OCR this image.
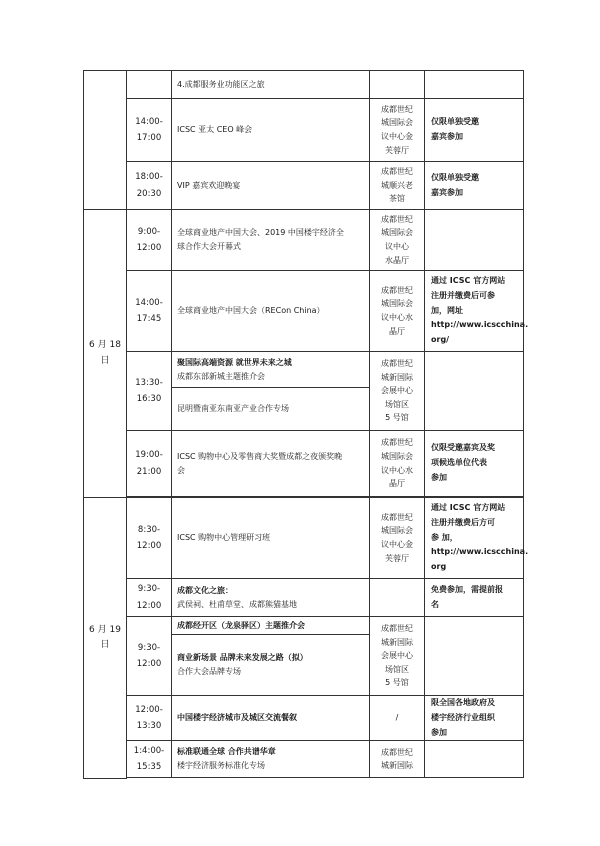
		4.成都服务业功能区之旅		
	14:00-
17:00	ICSC 亚太 CEO 峰会	成都世纪
城国际会
议中心金
芙蓉厅	仅限单独受邀
嘉宾参加
	18:00-
20:30	VIP 嘉宾欢迎晚宴	成都世纪
城顺兴老
茶馆	仅限单独受邀
嘉宾参加
6 月 18
日	9:00-
12:00	全球商业地产中国大会、2019 中国楼宇经济全
球合作大会开幕式	成都世纪
城国际会
议中心
水晶厅	
	14:00-
17:45	全球商业地产中国大会（RECon China）	成都世纪
城国际会
议中心水
晶厅	通过 ICSC 官方网站
注册并缴费后可参
加，网址
http://www.icscchina.
org/
	13:30-
16:30	聚国际高端资源 就世界未来之城
成都东部新城主题推介会	成都世纪
城新国际
会展中心
场馆区
5 号馆	
		昆明暨南亚东南亚产业合作专场		
	19:00-
21:00	ICSC 购物中心及零售商大奖暨成都之夜颁奖晚
会	成都世纪
城国际会
议中心水
晶厅	仅限受邀嘉宾及奖
项候选单位代表
参加

6 月 19
日	8:30-
12:00	ICSC 购物中心管理研习班	成都世纪
城国际会
议中心金
芙蓉厅	通过 ICSC 官方网站
注册并缴费后方可
参 加，
http://www.icscchina.
org
	9:30-
12:00	成都文化之旅：
武侯祠、杜甫草堂、成都熊猫基地		免费参加，需提前报
名
	9:30-
12:00	成都经开区（龙泉驿区）主题推介会	成都世纪
城新国际
会展中心
场馆区
5 号馆	
		商业新场景 品牌未来发展之路（拟）
合作大会品牌专场		
	12:00-
13:30	中国楼宇经济城市及城区交流餐叙	/	限全国各地政府及
楼宇经济行业组织
参加
	1:4:00-
15:35	标准联通全球 合作共谱华章
楼宇经济服务标准化专场	成都世纪
城新国际	
